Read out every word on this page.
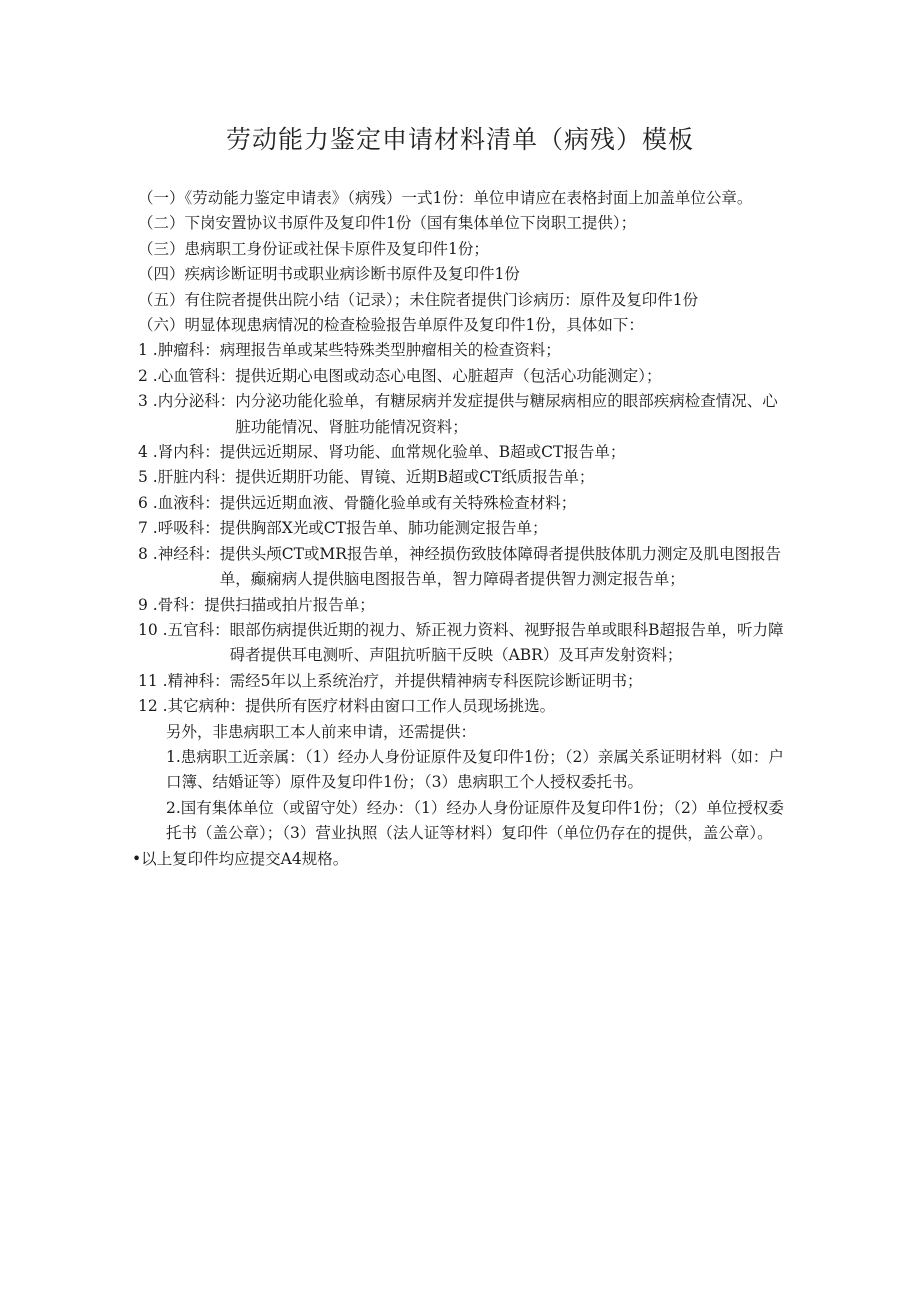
劳动能力鉴定申请材料清单（病残）模板

（一）《劳动能力鉴定申请表》（病残）一式1份：单位申请应在表格封面上加盖单位公章。

（二）下岗安置协议书原件及复印件1份（国有集体单位下岗职工提供）；

（三）患病职工身份证或社保卡原件及复印件1份；

（四）疾病诊断证明书或职业病诊断书原件及复印件1份

（五）有住院者提供出院小结（记录）；未住院者提供门诊病历：原件及复印件1份

（六）明显体现患病情况的检查检验报告单原件及复印件1份，具体如下：

1 . 肿瘤科： 病理报告单或某些特殊类型肿瘤相关的检查资料；
2 . 心血管科： 提供近期心电图或动态心电图、心脏超声（包活心功能测定）；
3 . 内分泌科： 内分泌功能化验单，有糖尿病并发症提供与糖尿病相应的眼部疾病检查情况、心脏功能情况、肾脏功能情况资料；
4 . 肾内科： 提供远近期尿、肾功能、血常规化验单、B超或CT报告单；
5 . 肝脏内科： 提供近期肝功能、胃镜、近期B超或CT纸质报告单；
6 . 血液科： 提供远近期血液、骨髓化验单或有关特殊检查材料；
7 . 呼吸科： 提供胸部X光或CT报告单、肺功能测定报告单；
8 . 神经科： 提供头颅CT或MR报告单，神经损伤致肢体障碍者提供肢体肌力测定及肌电图报告单，癫痫病人提供脑电图报告单，智力障碍者提供智力测定报告单；
9 . 骨科： 提供扫描或拍片报告单；
10 . 五官科： 眼部伤病提供近期的视力、矫正视力资料、视野报告单或眼科B超报告单，听力障碍者提供耳电测听、声阻抗听脑干反映（ABR）及耳声发射资料；
11 . 精神科： 需经5年以上系统治疗，并提供精神病专科医院诊断证明书；
12 . 其它病种： 提供所有医疗材料由窗口工作人员现场挑选。

另外，非患病职工本人前来申请，还需提供：

1.患病职工近亲属：（1）经办人身份证原件及复印件1份；（2）亲属关系证明材料（如：户口簿、结婚证等）原件及复印件1份；（3）患病职工个人授权委托书。

2.国有集体单位（或留守处）经办：（1）经办人身份证原件及复印件1份；（2）单位授权委托书（盖公章）；（3）营业执照（法人证等材料）复印件（单位仍存在的提供，盖公章）。

•以上复印件均应提交A4规格。
